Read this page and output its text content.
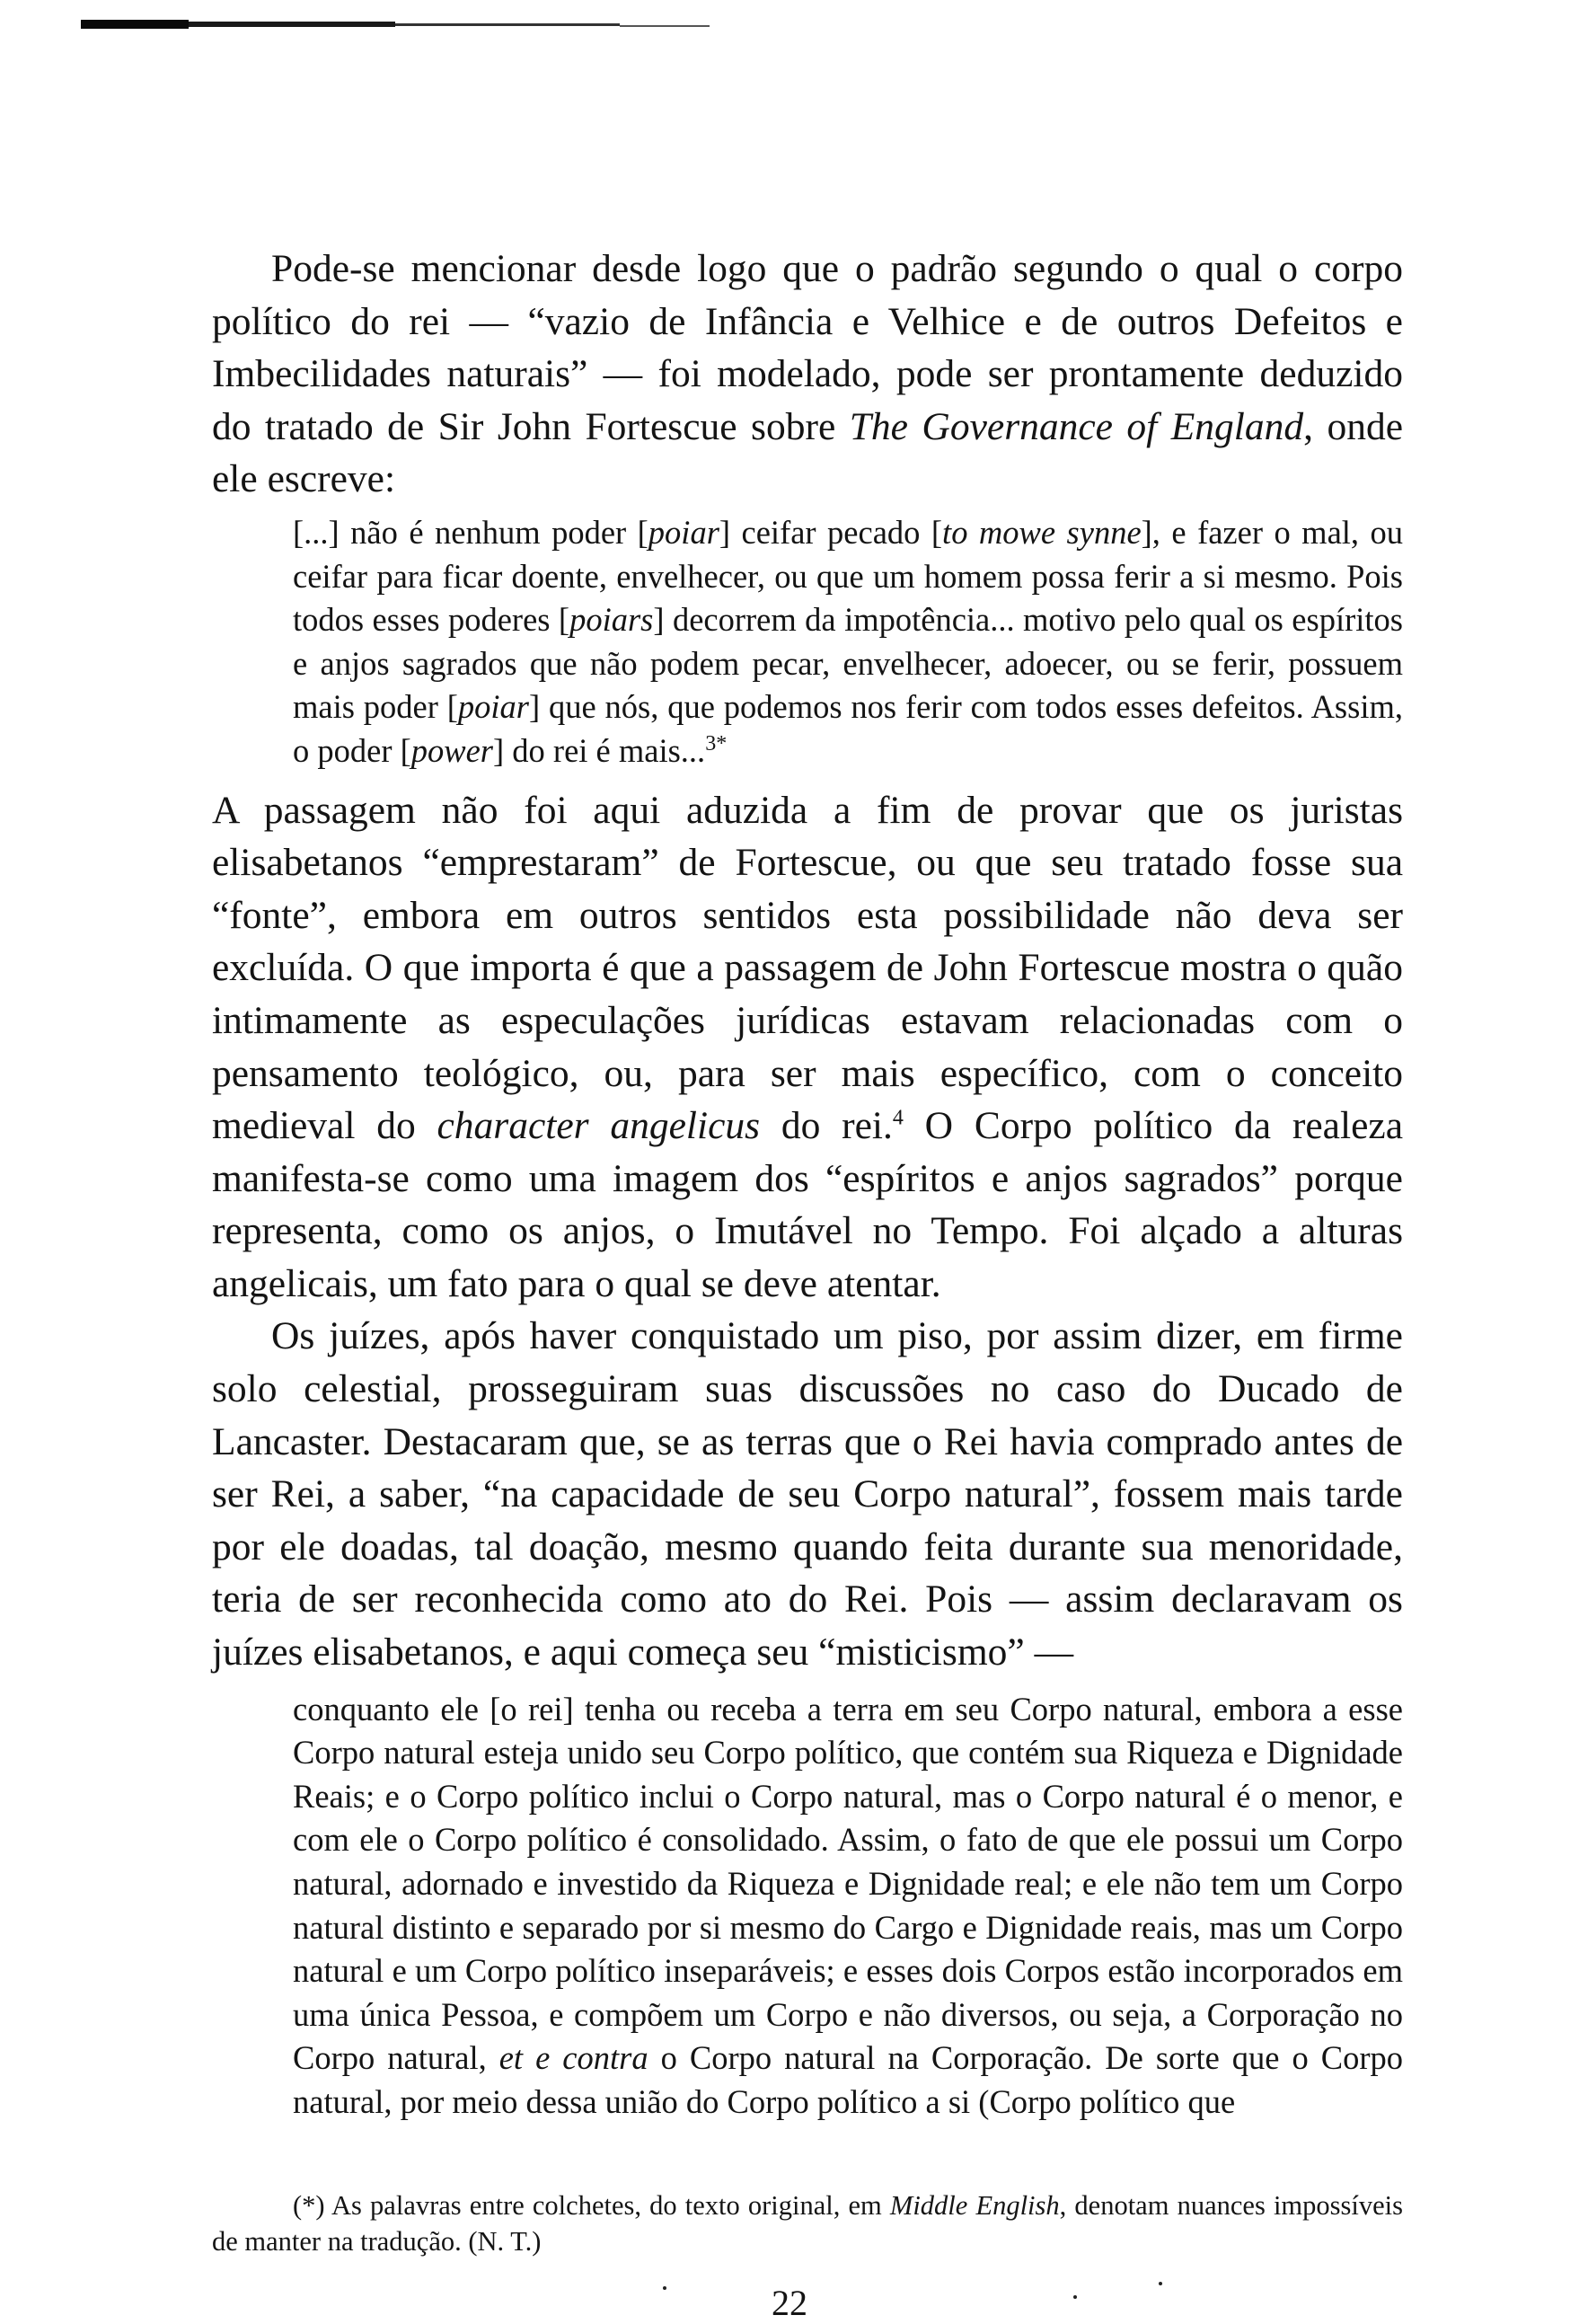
Pode-se mencionar desde logo que o padrão segundo o qual o corpo político do rei — “vazio de Infância e Velhice e de outros Defeitos e Imbecilidades naturais” — foi modelado, pode ser prontamente deduzido do tratado de Sir John Fortescue sobre The Governance of England, onde ele escreve:

[...] não é nenhum poder [poiar] ceifar pecado [to mowe synne], e fazer o mal, ou ceifar para ficar doente, envelhecer, ou que um homem possa ferir a si mesmo. Pois todos esses poderes [poiars] decorrem da impotência... motivo pelo qual os espíritos e anjos sagrados que não podem pecar, envelhecer, adoecer, ou se ferir, possuem mais poder [poiar] que nós, que podemos nos ferir com todos esses defeitos. Assim, o poder [power] do rei é mais...$^{3*}$

A passagem não foi aqui aduzida a fim de provar que os juristas elisabetanos “emprestaram” de Fortescue, ou que seu tratado fosse sua “fonte”, embora em outros sentidos esta possibilidade não deva ser excluída. O que importa é que a passagem de John Fortescue mostra o quão intimamente as especulações jurídicas estavam relacionadas com o pensamento teológico, ou, para ser mais específico, com o conceito medieval do character angelicus do rei.$^4$ O Corpo político da realeza manifesta-se como uma imagem dos “espíritos e anjos sagrados” porque representa, como os anjos, o Imutável no Tempo. Foi alçado a alturas angelicais, um fato para o qual se deve atentar.

Os juízes, após haver conquistado um piso, por assim dizer, em firme solo celestial, prosseguiram suas discussões no caso do Ducado de Lancaster. Destacaram que, se as terras que o Rei havia comprado antes de ser Rei, a saber, “na capacidade de seu Corpo natural”, fossem mais tarde por ele doadas, tal doação, mesmo quando feita durante sua menoridade, teria de ser reconhecida como ato do Rei. Pois — assim declaravam os juízes elisabetanos, e aqui começa seu “misticismo” —

conquanto ele [o rei] tenha ou receba a terra em seu Corpo natural, embora a esse Corpo natural esteja unido seu Corpo político, que contém sua Riqueza e Dignidade Reais; e o Corpo político inclui o Corpo natural, mas o Corpo natural é o menor, e com ele o Corpo político é consolidado. Assim, o fato de que ele possui um Corpo natural, adornado e investido da Riqueza e Dignidade real; e ele não tem um Corpo natural distinto e separado por si mesmo do Cargo e Dignidade reais, mas um Corpo natural e um Corpo político inseparáveis; e esses dois Corpos estão incorporados em uma única Pessoa, e compõem um Corpo e não diversos, ou seja, a Corporação no Corpo natural, et e contra o Corpo natural na Corporação. De sorte que o Corpo natural, por meio dessa união do Corpo político a si (Corpo político que

(*) As palavras entre colchetes, do texto original, em Middle English, denotam nuances impossíveis de manter na tradução. (N. T.)
22
